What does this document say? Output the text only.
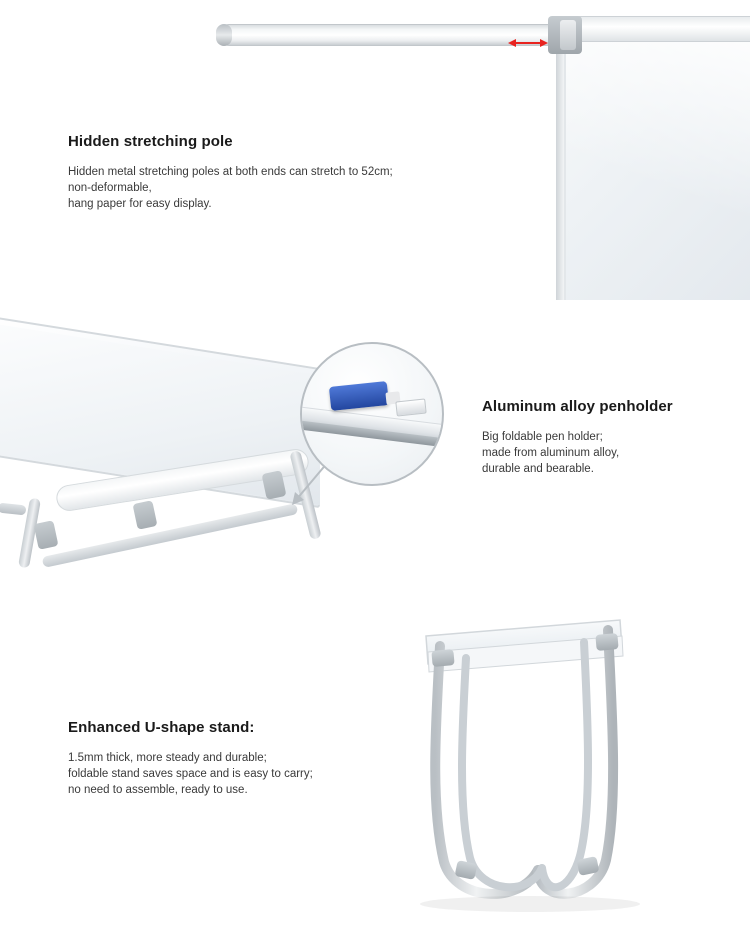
Hidden stretching pole

Hidden metal stretching poles at both ends can stretch to 52cm;
non-deformable,
hang paper for easy display.

Aluminum alloy penholder

Big foldable pen holder;
made from aluminum alloy,
durable and bearable.

Enhanced U-shape stand:

1.5mm thick, more steady and durable;
foldable stand saves space and is easy to carry;
no need to assemble, ready to use.
